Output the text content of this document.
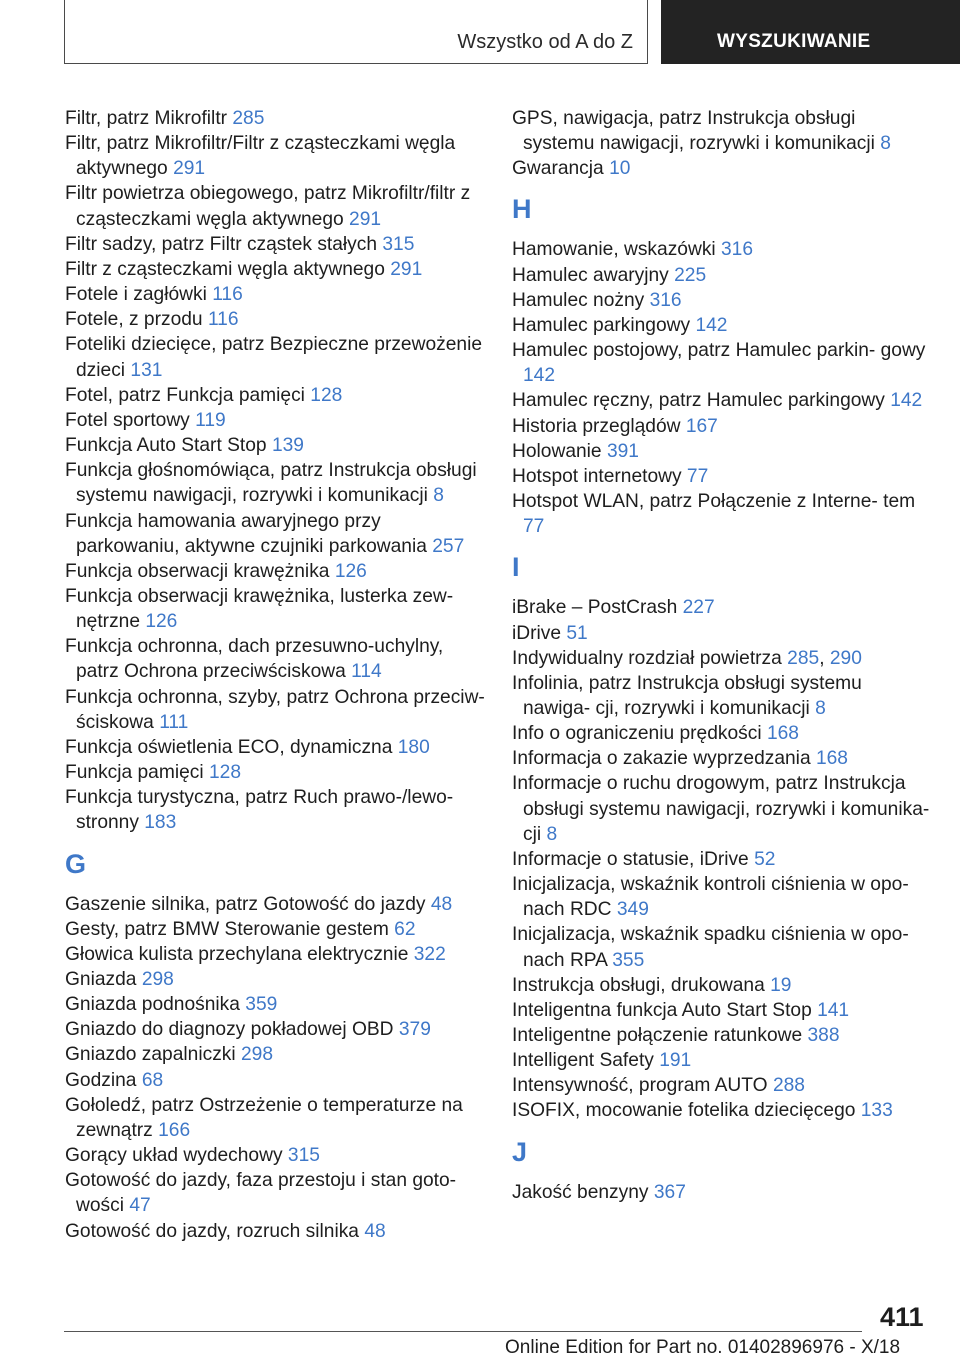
Wszystko od A do Z	WYSZUKIWANIE
Filtr, patrz Mikrofiltr 285
Filtr, patrz Mikrofiltr/Filtr z cząsteczkami węgla aktywnego 291
Filtr powietrza obiegowego, patrz Mikrofiltr/filtr z cząsteczkami węgla aktywnego 291
Filtr sadzy, patrz Filtr cząstek stałych 315
Filtr z cząsteczkami węgla aktywnego 291
Fotele i zagłówki 116
Fotele, z przodu 116
Foteliki dziecięce, patrz Bezpieczne przewożenie dzieci 131
Fotel, patrz Funkcja pamięci 128
Fotel sportowy 119
Funkcja Auto Start Stop 139
Funkcja głośnomówiąca, patrz Instrukcja obsługi systemu nawigacji, rozrywki i komunikacji 8
Funkcja hamowania awaryjnego przy parkowaniu, aktywne czujniki parkowania 257
Funkcja obserwacji krawężnika 126
Funkcja obserwacji krawężnika, lusterka zew‐ nętrzne 126
Funkcja ochronna, dach przesuwno-uchylny, patrz Ochrona przeciwściskowa 114
Funkcja ochronna, szyby, patrz Ochrona przeciw‐ ściskowa 111
Funkcja oświetlenia ECO, dynamiczna 180
Funkcja pamięci 128
Funkcja turystyczna, patrz Ruch prawo-/lewo‐ stronny 183
G
Gaszenie silnika, patrz Gotowość do jazdy 48
Gesty, patrz BMW Sterowanie gestem 62
Głowica kulista przechylana elektrycznie 322
Gniazda 298
Gniazda podnośnika 359
Gniazdo do diagnozy pokładowej OBD 379
Gniazdo zapalniczki 298
Godzina 68
Gołoledź, patrz Ostrzeżenie o temperaturze na zewnątrz 166
Gorący układ wydechowy 315
Gotowość do jazdy, faza przestoju i stan goto‐ wości 47
Gotowość do jazdy, rozruch silnika 48
GPS, nawigacja, patrz Instrukcja obsługi systemu nawigacji, rozrywki i komunikacji 8
Gwarancja 10
H
Hamowanie, wskazówki 316
Hamulec awaryjny 225
Hamulec nożny 316
Hamulec parkingowy 142
Hamulec postojowy, patrz Hamulec parkin‐ gowy 142
Hamulec ręczny, patrz Hamulec parkingowy 142
Historia przeglądów 167
Holowanie 391
Hotspot internetowy 77
Hotspot WLAN, patrz Połączenie z Interne‐ tem 77
I
iBrake – PostCrash 227
iDrive 51
Indywidualny rozdział powietrza 285, 290
Infolinia, patrz Instrukcja obsługi systemu nawiga‐ cji, rozrywki i komunikacji 8
Info o ograniczeniu prędkości 168
Informacja o zakazie wyprzedzania 168
Informacje o ruchu drogowym, patrz Instrukcja obsługi systemu nawigacji, rozrywki i komunika‐ cji 8
Informacje o statusie, iDrive 52
Inicjalizacja, wskaźnik kontroli ciśnienia w opo‐ nach RDC 349
Inicjalizacja, wskaźnik spadku ciśnienia w opo‐ nach RPA 355
Instrukcja obsługi, drukowana 19
Inteligentna funkcja Auto Start Stop 141
Inteligentne połączenie ratunkowe 388
Intelligent Safety 191
Intensywność, program AUTO 288
ISOFIX, mocowanie fotelika dziecięcego 133
J
Jakość benzyny 367
411
Online Edition for Part no. 01402896976 - X/18
